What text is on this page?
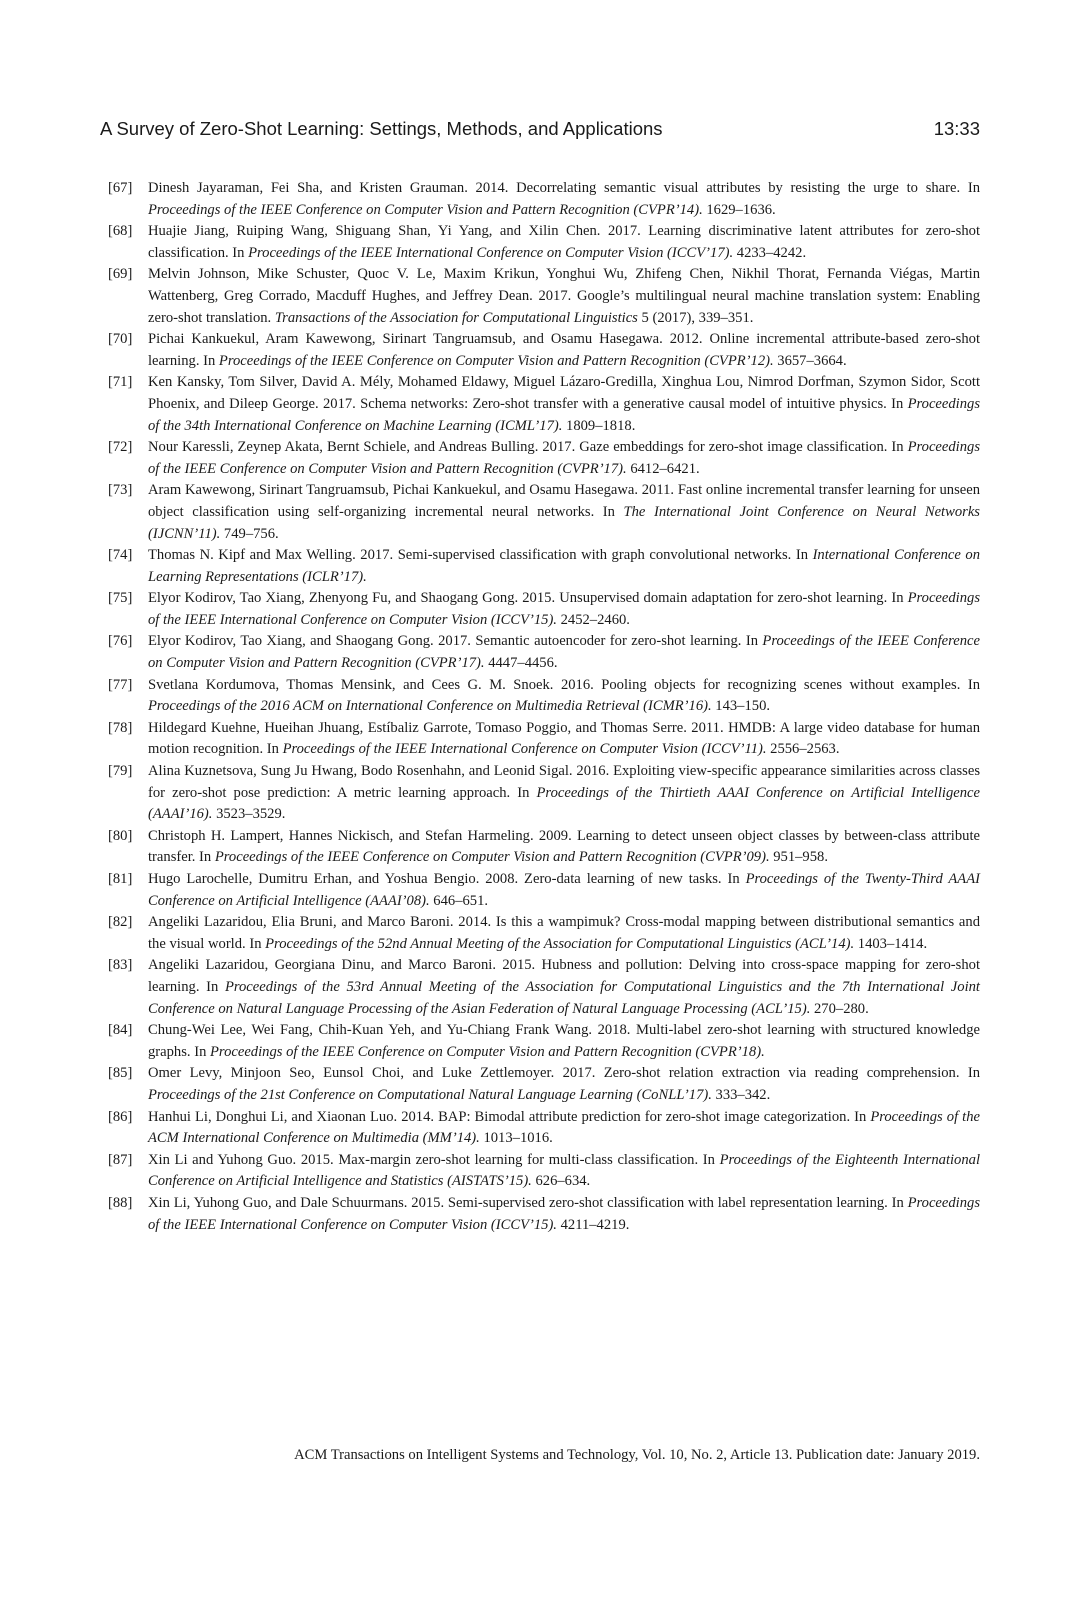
A Survey of Zero-Shot Learning: Settings, Methods, and Applications	13:33
[67]	Dinesh Jayaraman, Fei Sha, and Kristen Grauman. 2014. Decorrelating semantic visual attributes by resisting the urge to share. In Proceedings of the IEEE Conference on Computer Vision and Pattern Recognition (CVPR’14). 1629–1636.
[68]	Huajie Jiang, Ruiping Wang, Shiguang Shan, Yi Yang, and Xilin Chen. 2017. Learning discriminative latent attributes for zero-shot classification. In Proceedings of the IEEE International Conference on Computer Vision (ICCV’17). 4233–4242.
[69]	Melvin Johnson, Mike Schuster, Quoc V. Le, Maxim Krikun, Yonghui Wu, Zhifeng Chen, Nikhil Thorat, Fernanda Viégas, Martin Wattenberg, Greg Corrado, Macduff Hughes, and Jeffrey Dean. 2017. Google’s multilingual neural machine translation system: Enabling zero-shot translation. Transactions of the Association for Computational Linguistics 5 (2017), 339–351.
[70]	Pichai Kankuekul, Aram Kawewong, Sirinart Tangruamsub, and Osamu Hasegawa. 2012. Online incremental attribute-based zero-shot learning. In Proceedings of the IEEE Conference on Computer Vision and Pattern Recognition (CVPR’12). 3657–3664.
[71]	Ken Kansky, Tom Silver, David A. Mély, Mohamed Eldawy, Miguel Lázaro-Gredilla, Xinghua Lou, Nimrod Dorfman, Szymon Sidor, Scott Phoenix, and Dileep George. 2017. Schema networks: Zero-shot transfer with a generative causal model of intuitive physics. In Proceedings of the 34th International Conference on Machine Learning (ICML’17). 1809–1818.
[72]	Nour Karessli, Zeynep Akata, Bernt Schiele, and Andreas Bulling. 2017. Gaze embeddings for zero-shot image classification. In Proceedings of the IEEE Conference on Computer Vision and Pattern Recognition (CVPR’17). 6412–6421.
[73]	Aram Kawewong, Sirinart Tangruamsub, Pichai Kankuekul, and Osamu Hasegawa. 2011. Fast online incremental transfer learning for unseen object classification using self-organizing incremental neural networks. In The International Joint Conference on Neural Networks (IJCNN’11). 749–756.
[74]	Thomas N. Kipf and Max Welling. 2017. Semi-supervised classification with graph convolutional networks. In International Conference on Learning Representations (ICLR’17).
[75]	Elyor Kodirov, Tao Xiang, Zhenyong Fu, and Shaogang Gong. 2015. Unsupervised domain adaptation for zero-shot learning. In Proceedings of the IEEE International Conference on Computer Vision (ICCV’15). 2452–2460.
[76]	Elyor Kodirov, Tao Xiang, and Shaogang Gong. 2017. Semantic autoencoder for zero-shot learning. In Proceedings of the IEEE Conference on Computer Vision and Pattern Recognition (CVPR’17). 4447–4456.
[77]	Svetlana Kordumova, Thomas Mensink, and Cees G. M. Snoek. 2016. Pooling objects for recognizing scenes without examples. In Proceedings of the 2016 ACM on International Conference on Multimedia Retrieval (ICMR’16). 143–150.
[78]	Hildegard Kuehne, Hueihan Jhuang, Estíbaliz Garrote, Tomaso Poggio, and Thomas Serre. 2011. HMDB: A large video database for human motion recognition. In Proceedings of the IEEE International Conference on Computer Vision (ICCV’11). 2556–2563.
[79]	Alina Kuznetsova, Sung Ju Hwang, Bodo Rosenhahn, and Leonid Sigal. 2016. Exploiting view-specific appearance similarities across classes for zero-shot pose prediction: A metric learning approach. In Proceedings of the Thirtieth AAAI Conference on Artificial Intelligence (AAAI’16). 3523–3529.
[80]	Christoph H. Lampert, Hannes Nickisch, and Stefan Harmeling. 2009. Learning to detect unseen object classes by between-class attribute transfer. In Proceedings of the IEEE Conference on Computer Vision and Pattern Recognition (CVPR’09). 951–958.
[81]	Hugo Larochelle, Dumitru Erhan, and Yoshua Bengio. 2008. Zero-data learning of new tasks. In Proceedings of the Twenty-Third AAAI Conference on Artificial Intelligence (AAAI’08). 646–651.
[82]	Angeliki Lazaridou, Elia Bruni, and Marco Baroni. 2014. Is this a wampimuk? Cross-modal mapping between distributional semantics and the visual world. In Proceedings of the 52nd Annual Meeting of the Association for Computational Linguistics (ACL’14). 1403–1414.
[83]	Angeliki Lazaridou, Georgiana Dinu, and Marco Baroni. 2015. Hubness and pollution: Delving into cross-space mapping for zero-shot learning. In Proceedings of the 53rd Annual Meeting of the Association for Computational Linguistics and the 7th International Joint Conference on Natural Language Processing of the Asian Federation of Natural Language Processing (ACL’15). 270–280.
[84]	Chung-Wei Lee, Wei Fang, Chih-Kuan Yeh, and Yu-Chiang Frank Wang. 2018. Multi-label zero-shot learning with structured knowledge graphs. In Proceedings of the IEEE Conference on Computer Vision and Pattern Recognition (CVPR’18).
[85]	Omer Levy, Minjoon Seo, Eunsol Choi, and Luke Zettlemoyer. 2017. Zero-shot relation extraction via reading comprehension. In Proceedings of the 21st Conference on Computational Natural Language Learning (CoNLL’17). 333–342.
[86]	Hanhui Li, Donghui Li, and Xiaonan Luo. 2014. BAP: Bimodal attribute prediction for zero-shot image categorization. In Proceedings of the ACM International Conference on Multimedia (MM’14). 1013–1016.
[87]	Xin Li and Yuhong Guo. 2015. Max-margin zero-shot learning for multi-class classification. In Proceedings of the Eighteenth International Conference on Artificial Intelligence and Statistics (AISTATS’15). 626–634.
[88]	Xin Li, Yuhong Guo, and Dale Schuurmans. 2015. Semi-supervised zero-shot classification with label representation learning. In Proceedings of the IEEE International Conference on Computer Vision (ICCV’15). 4211–4219.
ACM Transactions on Intelligent Systems and Technology, Vol. 10, No. 2, Article 13. Publication date: January 2019.
